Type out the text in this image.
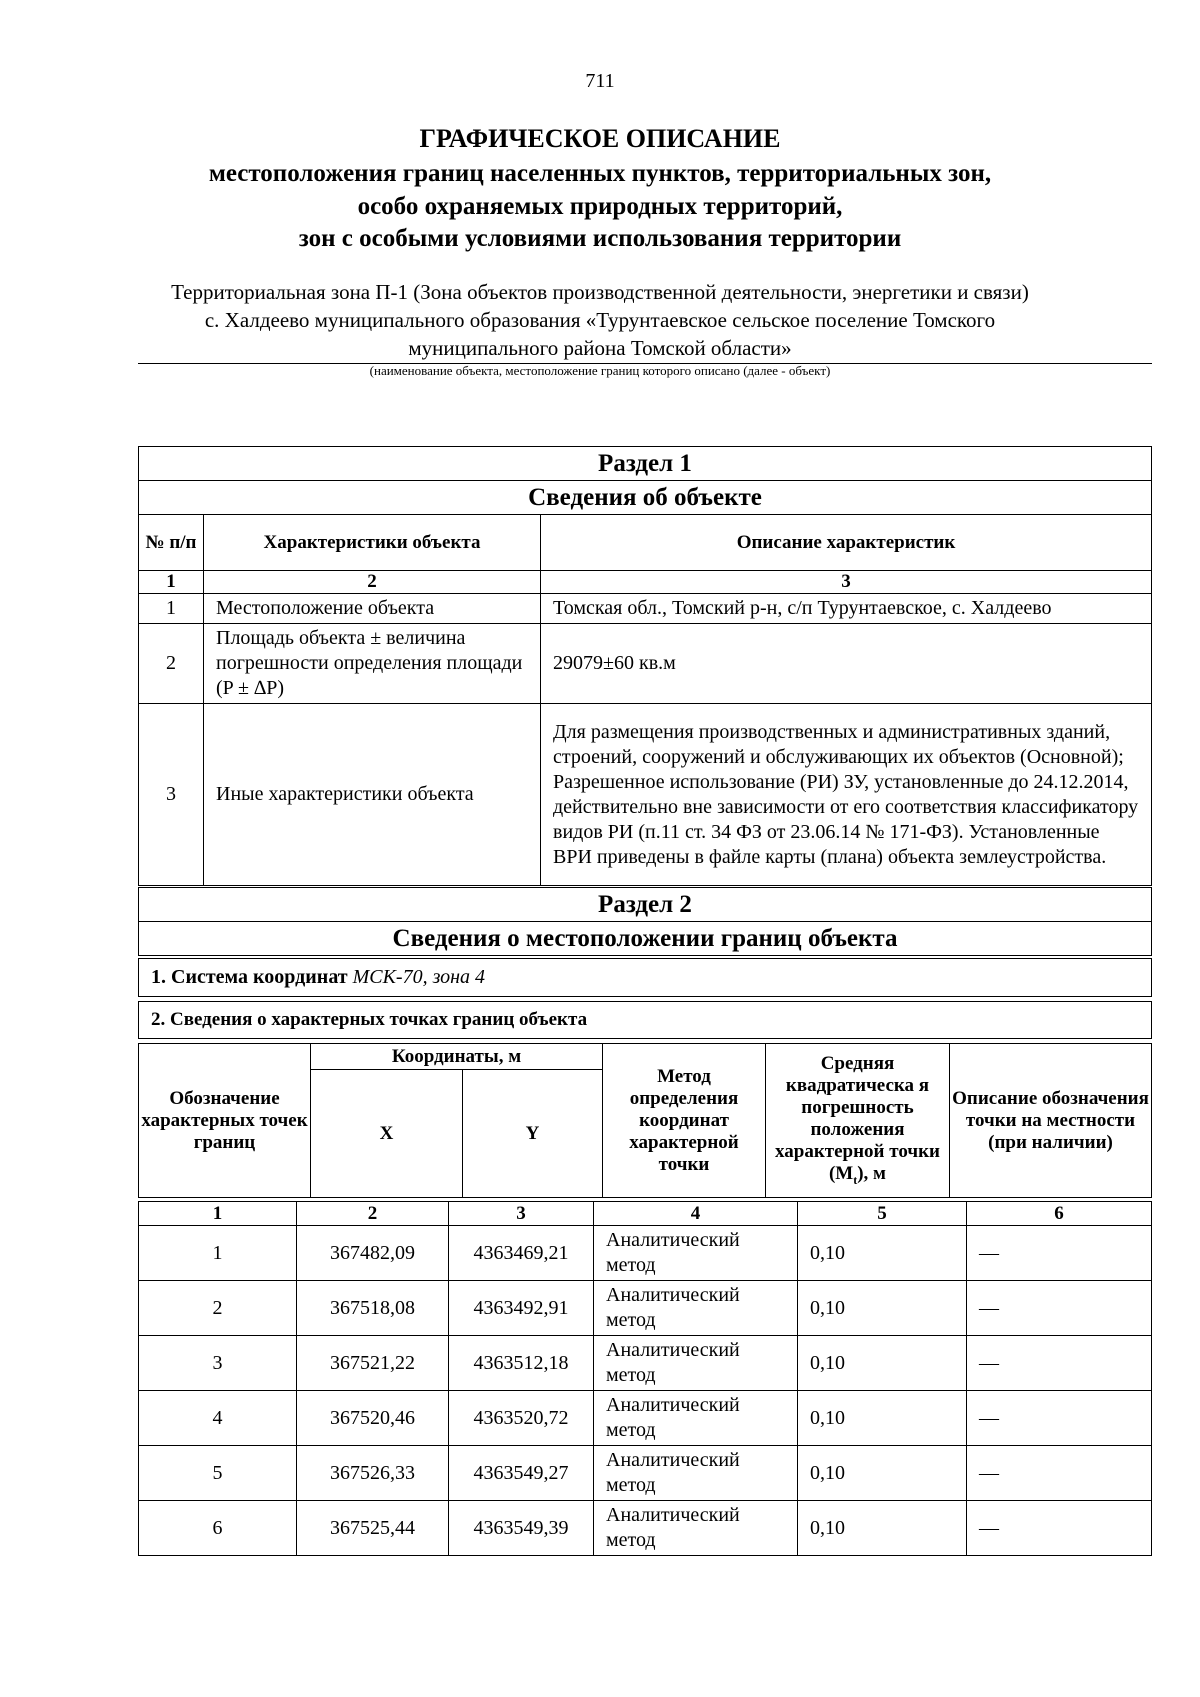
711
ГРАФИЧЕСКОЕ ОПИСАНИЕ
местоположения границ населенных пунктов, территориальных зон,
особо охраняемых природных территорий,
зон с особыми условиями использования территории
Территориальная зона П-1 (Зона объектов производственной деятельности, энергетики и связи)
с. Халдеево муниципального образования «Турунтаевское сельское поселение Томского
муниципального района Томской области»
(наименование объекта, местоположение границ которого описано (далее - объект)
Раздел 1		
Сведения об объекте		
№ п/п	Характеристики объекта	Описание характеристик
1	2	3
1	Местоположение объекта	Томская обл., Томский р-н, с/п Турунтаевское, с. Халдеево
2	Площадь объекта ± величина погрешности определения площади (P ± ∆P)	29079±60 кв.м
3	Иные характеристики объекта	Для размещения производственных и административных зданий, строений, сооружений и обслуживающих их объектов (Основной); Разрешенное использование (РИ) ЗУ, установленные до 24.12.2014, действительно вне зависимости от его соответствия классификатору видов РИ (п.11 ст. 34 ФЗ от 23.06.14 № 171-ФЗ). Установленные ВРИ приведены в файле карты (плана) объекта землеустройства.
Раздел 2
Сведения о местоположении границ объекта
1. Система координат МСК-70, зона 4
2. Сведения о характерных точках границ объекта
Обозначение характерных точек границ	Координаты, м		Метод определения координат характерной точки	Средняя квадратическа я погрешность положения характерной точки $(M_t)$, м	Описание обозначения точки на местности (при наличии)
	X	Y			
1	2	3	4	5	6
1	367482,09	4363469,21	Аналитический метод	0,10	—
2	367518,08	4363492,91	Аналитический метод	0,10	—
3	367521,22	4363512,18	Аналитический метод	0,10	—
4	367520,46	4363520,72	Аналитический метод	0,10	—
5	367526,33	4363549,27	Аналитический метод	0,10	—
6	367525,44	4363549,39	Аналитический метод	0,10	—
